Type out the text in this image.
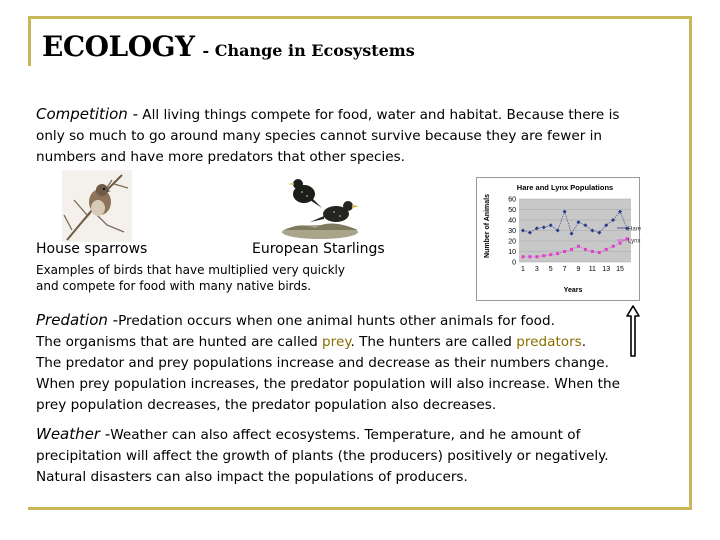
ECOLOGY - Change in Ecosystems
Competition - All living things compete for food, water and habitat. Because there is
only so much to go around many species cannot survive because they are fewer in
numbers and have more predators that other species.
House sparrows	European Starlings
Examples of birds that have multiplied very quickly
and compete for food with many native birds.
Hare and Lynx Populations
Number of Animals
Years
0
10
20
30
40
50
60
1 3 5 7 9 11 13 15
Hare
Lynx
Predation -Predation occurs when one animal hunts other animals for food.
The organisms that are hunted are called prey. The hunters are called predators.
The predator and prey populations increase and decrease as their numbers change.
When prey population increases, the predator population will also increase. When the
prey population decreases, the predator population also decreases.
Weather -Weather can also affect ecosystems. Temperature, and he amount of
precipitation will affect the growth of plants (the producers) positively or negatively.
Natural disasters can also impact the populations of producers.
